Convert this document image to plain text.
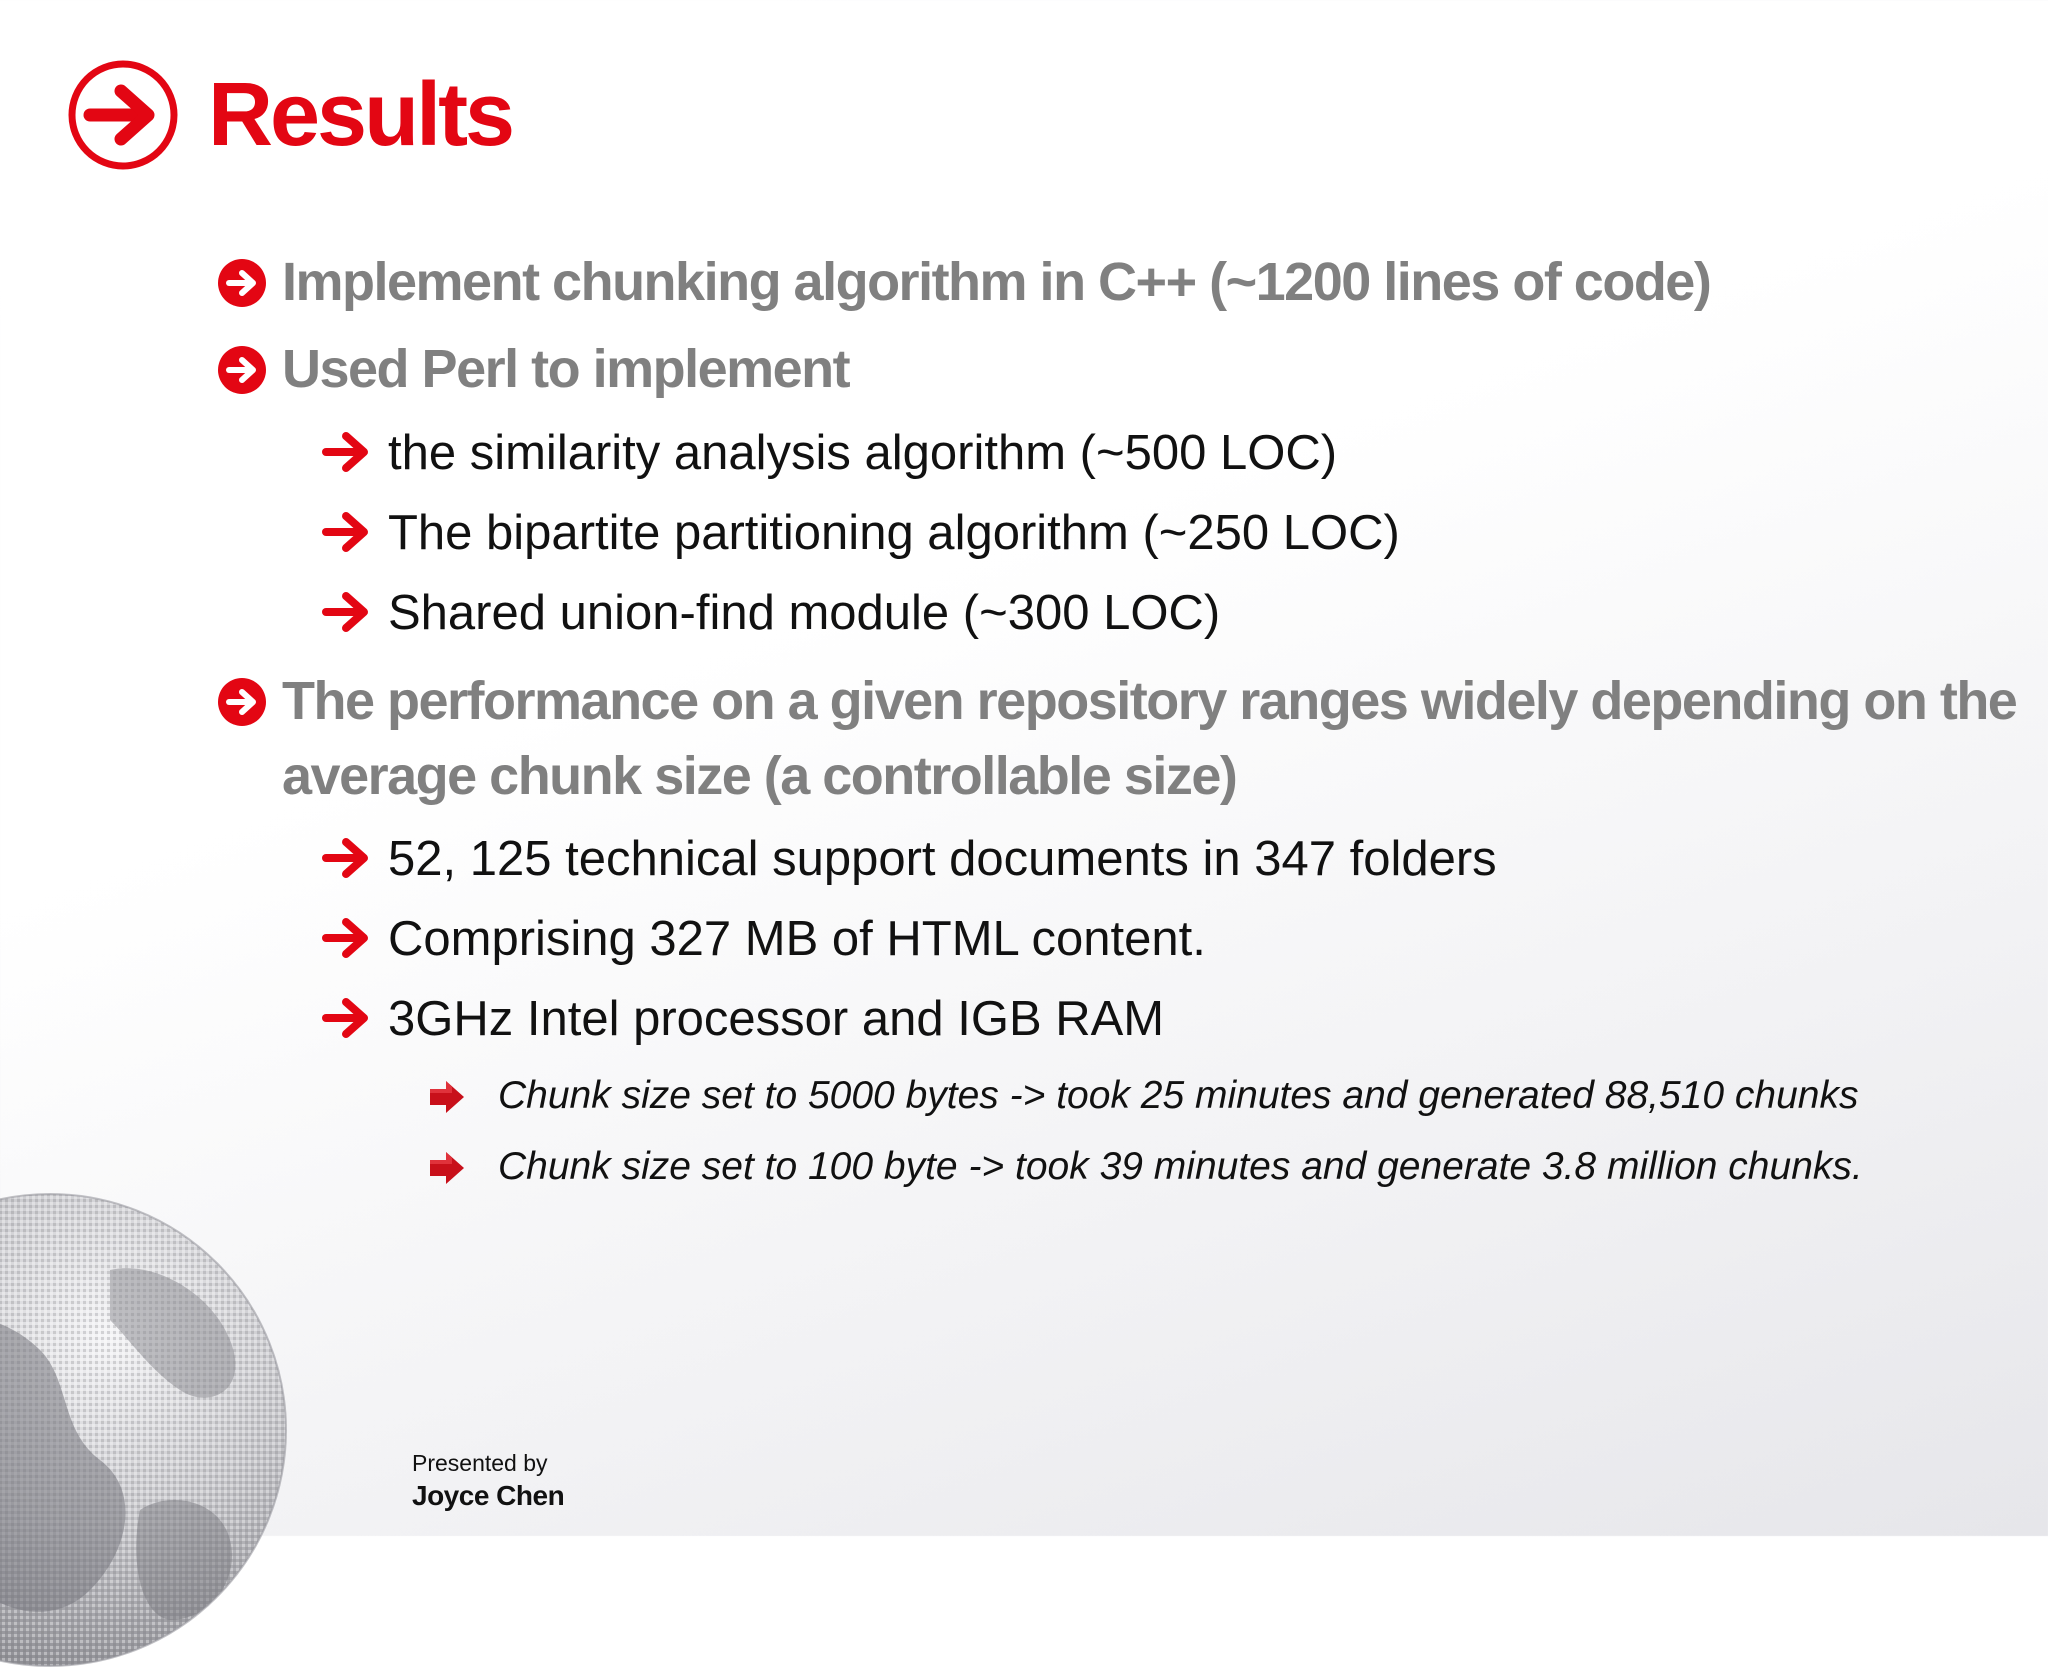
Results
Implement chunking algorithm in C++ (~1200 lines of code)
Used Perl to implement
the similarity analysis algorithm (~500 LOC)
The bipartite partitioning algorithm (~250 LOC)
Shared union-find module (~300 LOC)
The performance on a given repository ranges widely depending on the average chunk size (a controllable size)
52, 125 technical support documents in 347 folders
Comprising 327 MB of HTML content.
3GHz Intel processor and IGB RAM
Chunk size set to 5000 bytes -> took 25 minutes and generated 88,510 chunks
Chunk size set to 100 byte -> took 39 minutes and generate 3.8 million chunks.
Presented by
Joyce Chen
